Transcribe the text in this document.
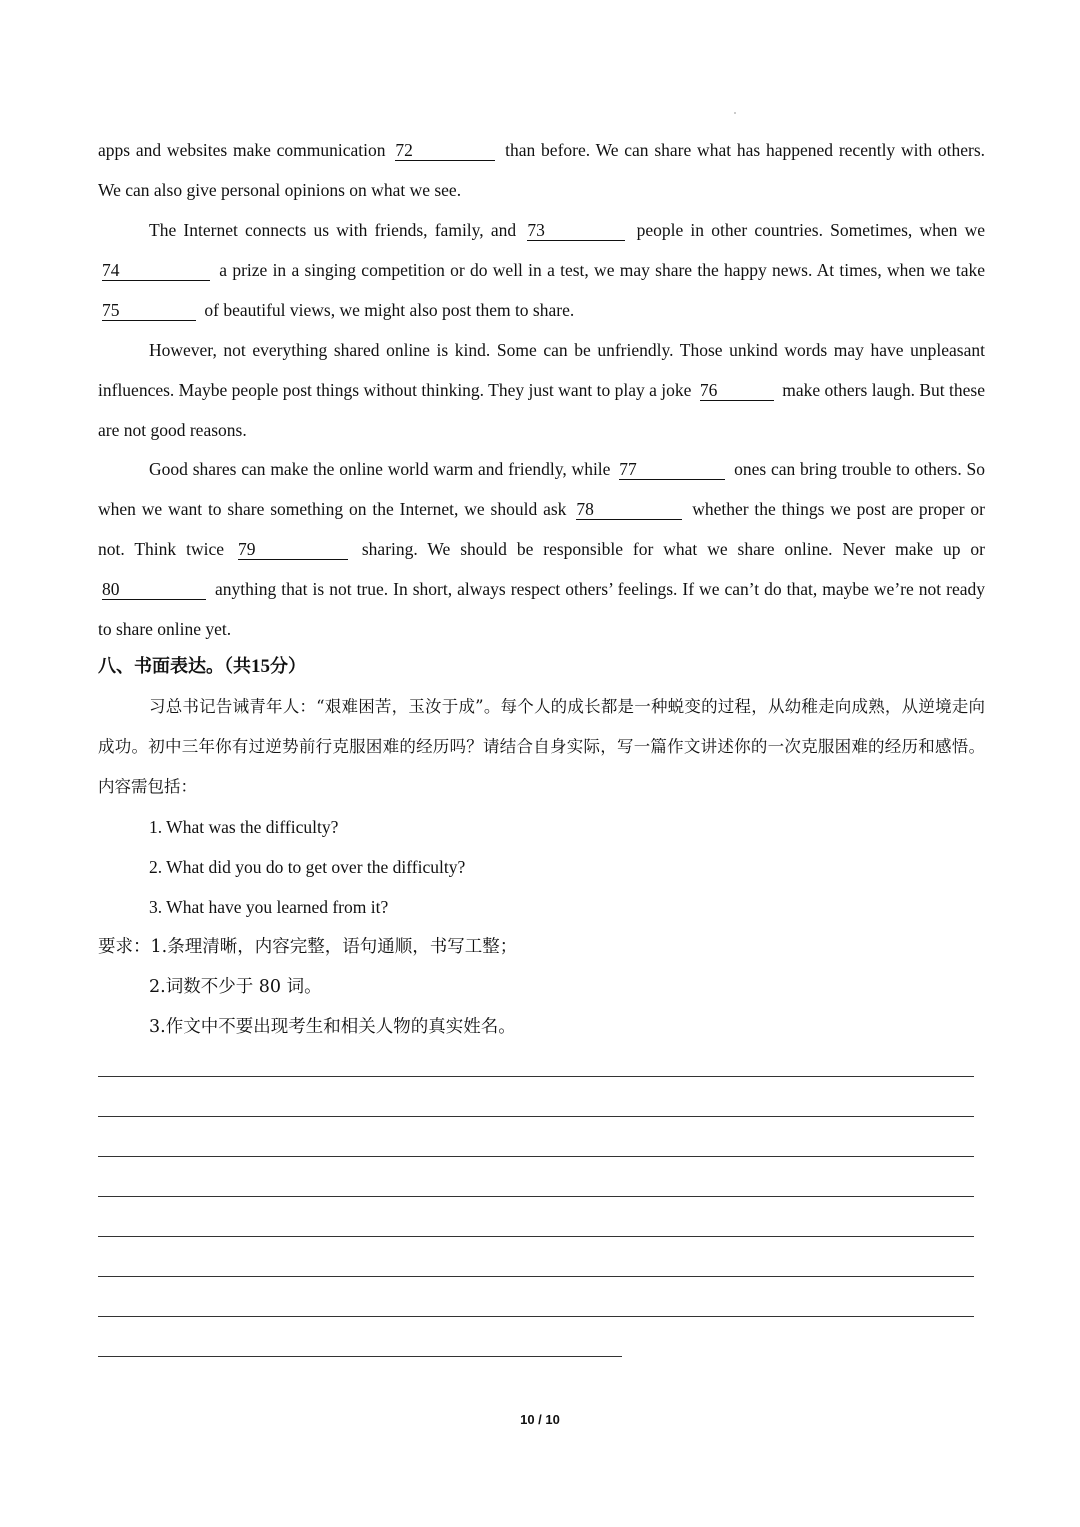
apps and websites make communication 72	than before. We can share what has happened recently with others. We can also give personal opinions on what we see.

The Internet connects us with friends, family, and 73	people in other countries. Sometimes, when we 74	a prize in a singing competition or do well in a test, we may share the happy news. At times, when we take 75	of beautiful views, we might also post them to share.

However, not everything shared online is kind. Some can be unfriendly. Those unkind words may have unpleasant influences. Maybe people post things without thinking. They just want to play a joke 76	make others laugh. But these are not good reasons.

Good shares can make the online world warm and friendly, while 77	ones can bring trouble to others. So when we want to share something on the Internet, we should ask 78	whether the things we post are proper or not. Think twice 79	sharing. We should be responsible for what we share online. Never make up or 80	anything that is not true. In short, always respect others’ feelings. If we can’t do that, maybe we’re not ready to share online yet.

八、书面表达。（共15分）

习总书记告诫青年人：“艰难困苦，玉汝于成”。每个人的成长都是一种蜕变的过程，从幼稚走向成熟，从逆境走向成功。初中三年你有过逆势前行克服困难的经历吗？请结合自身实际，写一篇作文讲述你的一次克服困难的经历和感悟。内容需包括：

1. What was the difficulty?

2. What did you do to get over the difficulty?

3. What have you learned from it?

要求：1.条理清晰，内容完整，语句通顺，书写工整；

2.词数不少于 80 词。

3.作文中不要出现考生和相关人物的真实姓名。

10 / 10
